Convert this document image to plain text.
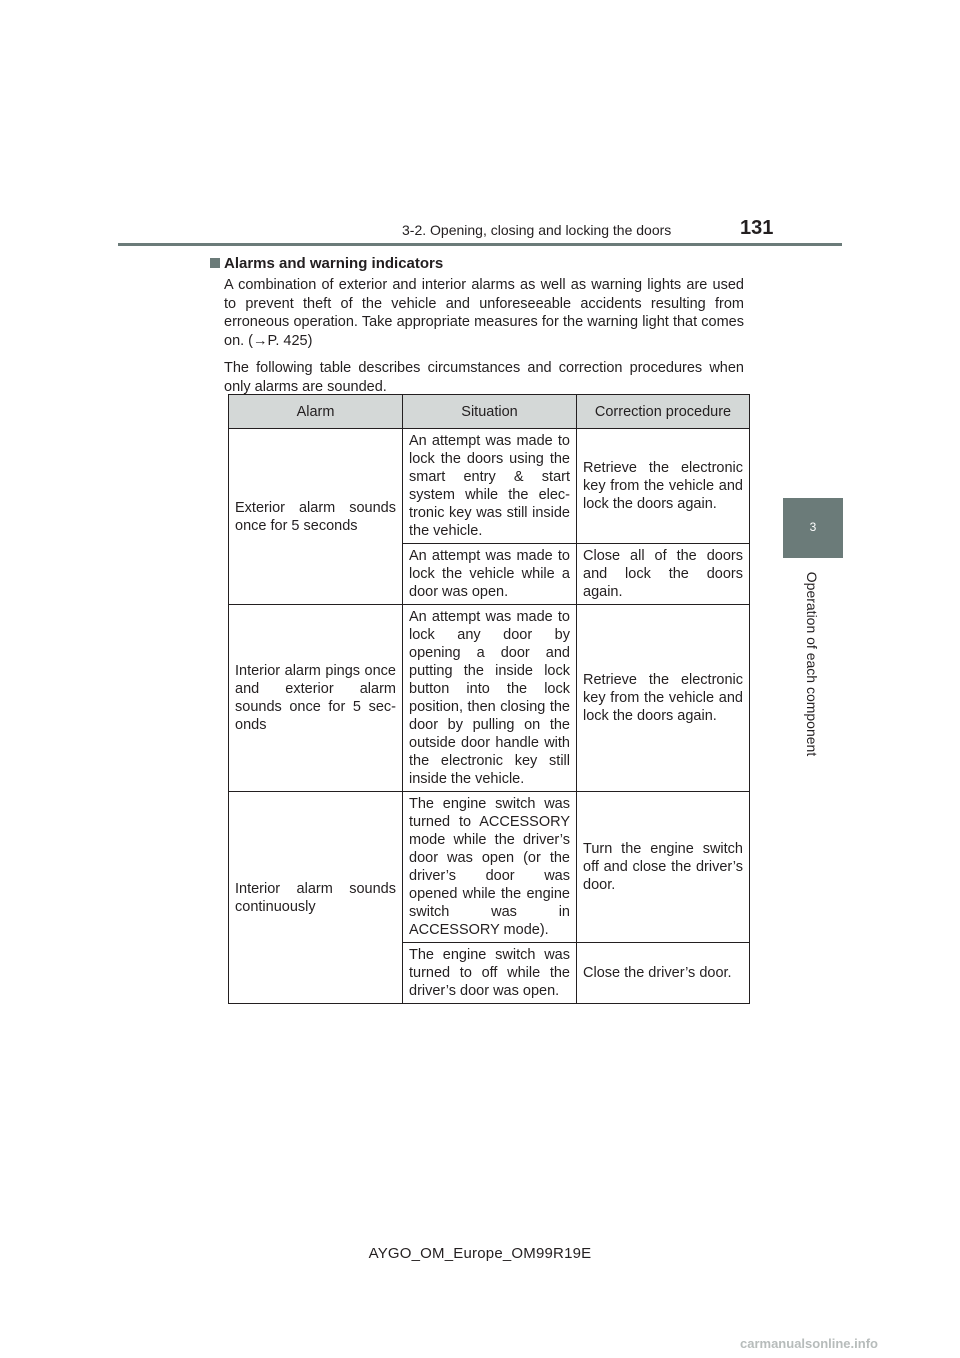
3-2. Opening, closing and locking the doors	131
3
Operation of each component
Alarms and warning indicators

A combination of exterior and interior alarms as well as warning lights are used to prevent theft of the vehicle and unforeseeable accidents resulting from erroneous operation. Take appropriate measures for the warning light that comes on. (→P. 425)

The following table describes circumstances and correction procedures when only alarms are sounded.

Alarm	Situation	Correction procedure
Exterior alarm sounds once for 5 seconds	An attempt was made to lock the doors using the smart entry & start system while the elec-tronic key was still inside the vehicle.	Retrieve the electronic key from the vehicle and lock the doors again.
	An attempt was made to lock the vehicle while a door was open.	Close all of the doors and lock the doors again.
Interior alarm pings once and exterior alarm sounds once for 5 sec-onds	An attempt was made to lock any door by opening a door and putting the inside lock button into the lock position, then closing the door by pulling on the outside door handle with the electronic key still inside the vehicle.	Retrieve the electronic key from the vehicle and lock the doors again.
Interior alarm sounds continuously	The engine switch was turned to ACCESSORY mode while the driver’s door was open (or the driver’s door was opened while the engine switch was in ACCESSORY mode).	Turn the engine switch off and close the driver’s door.
	The engine switch was turned to off while the driver’s door was open.	Close the driver’s door.
AYGO_OM_Europe_OM99R19E
carmanualsonline.info
